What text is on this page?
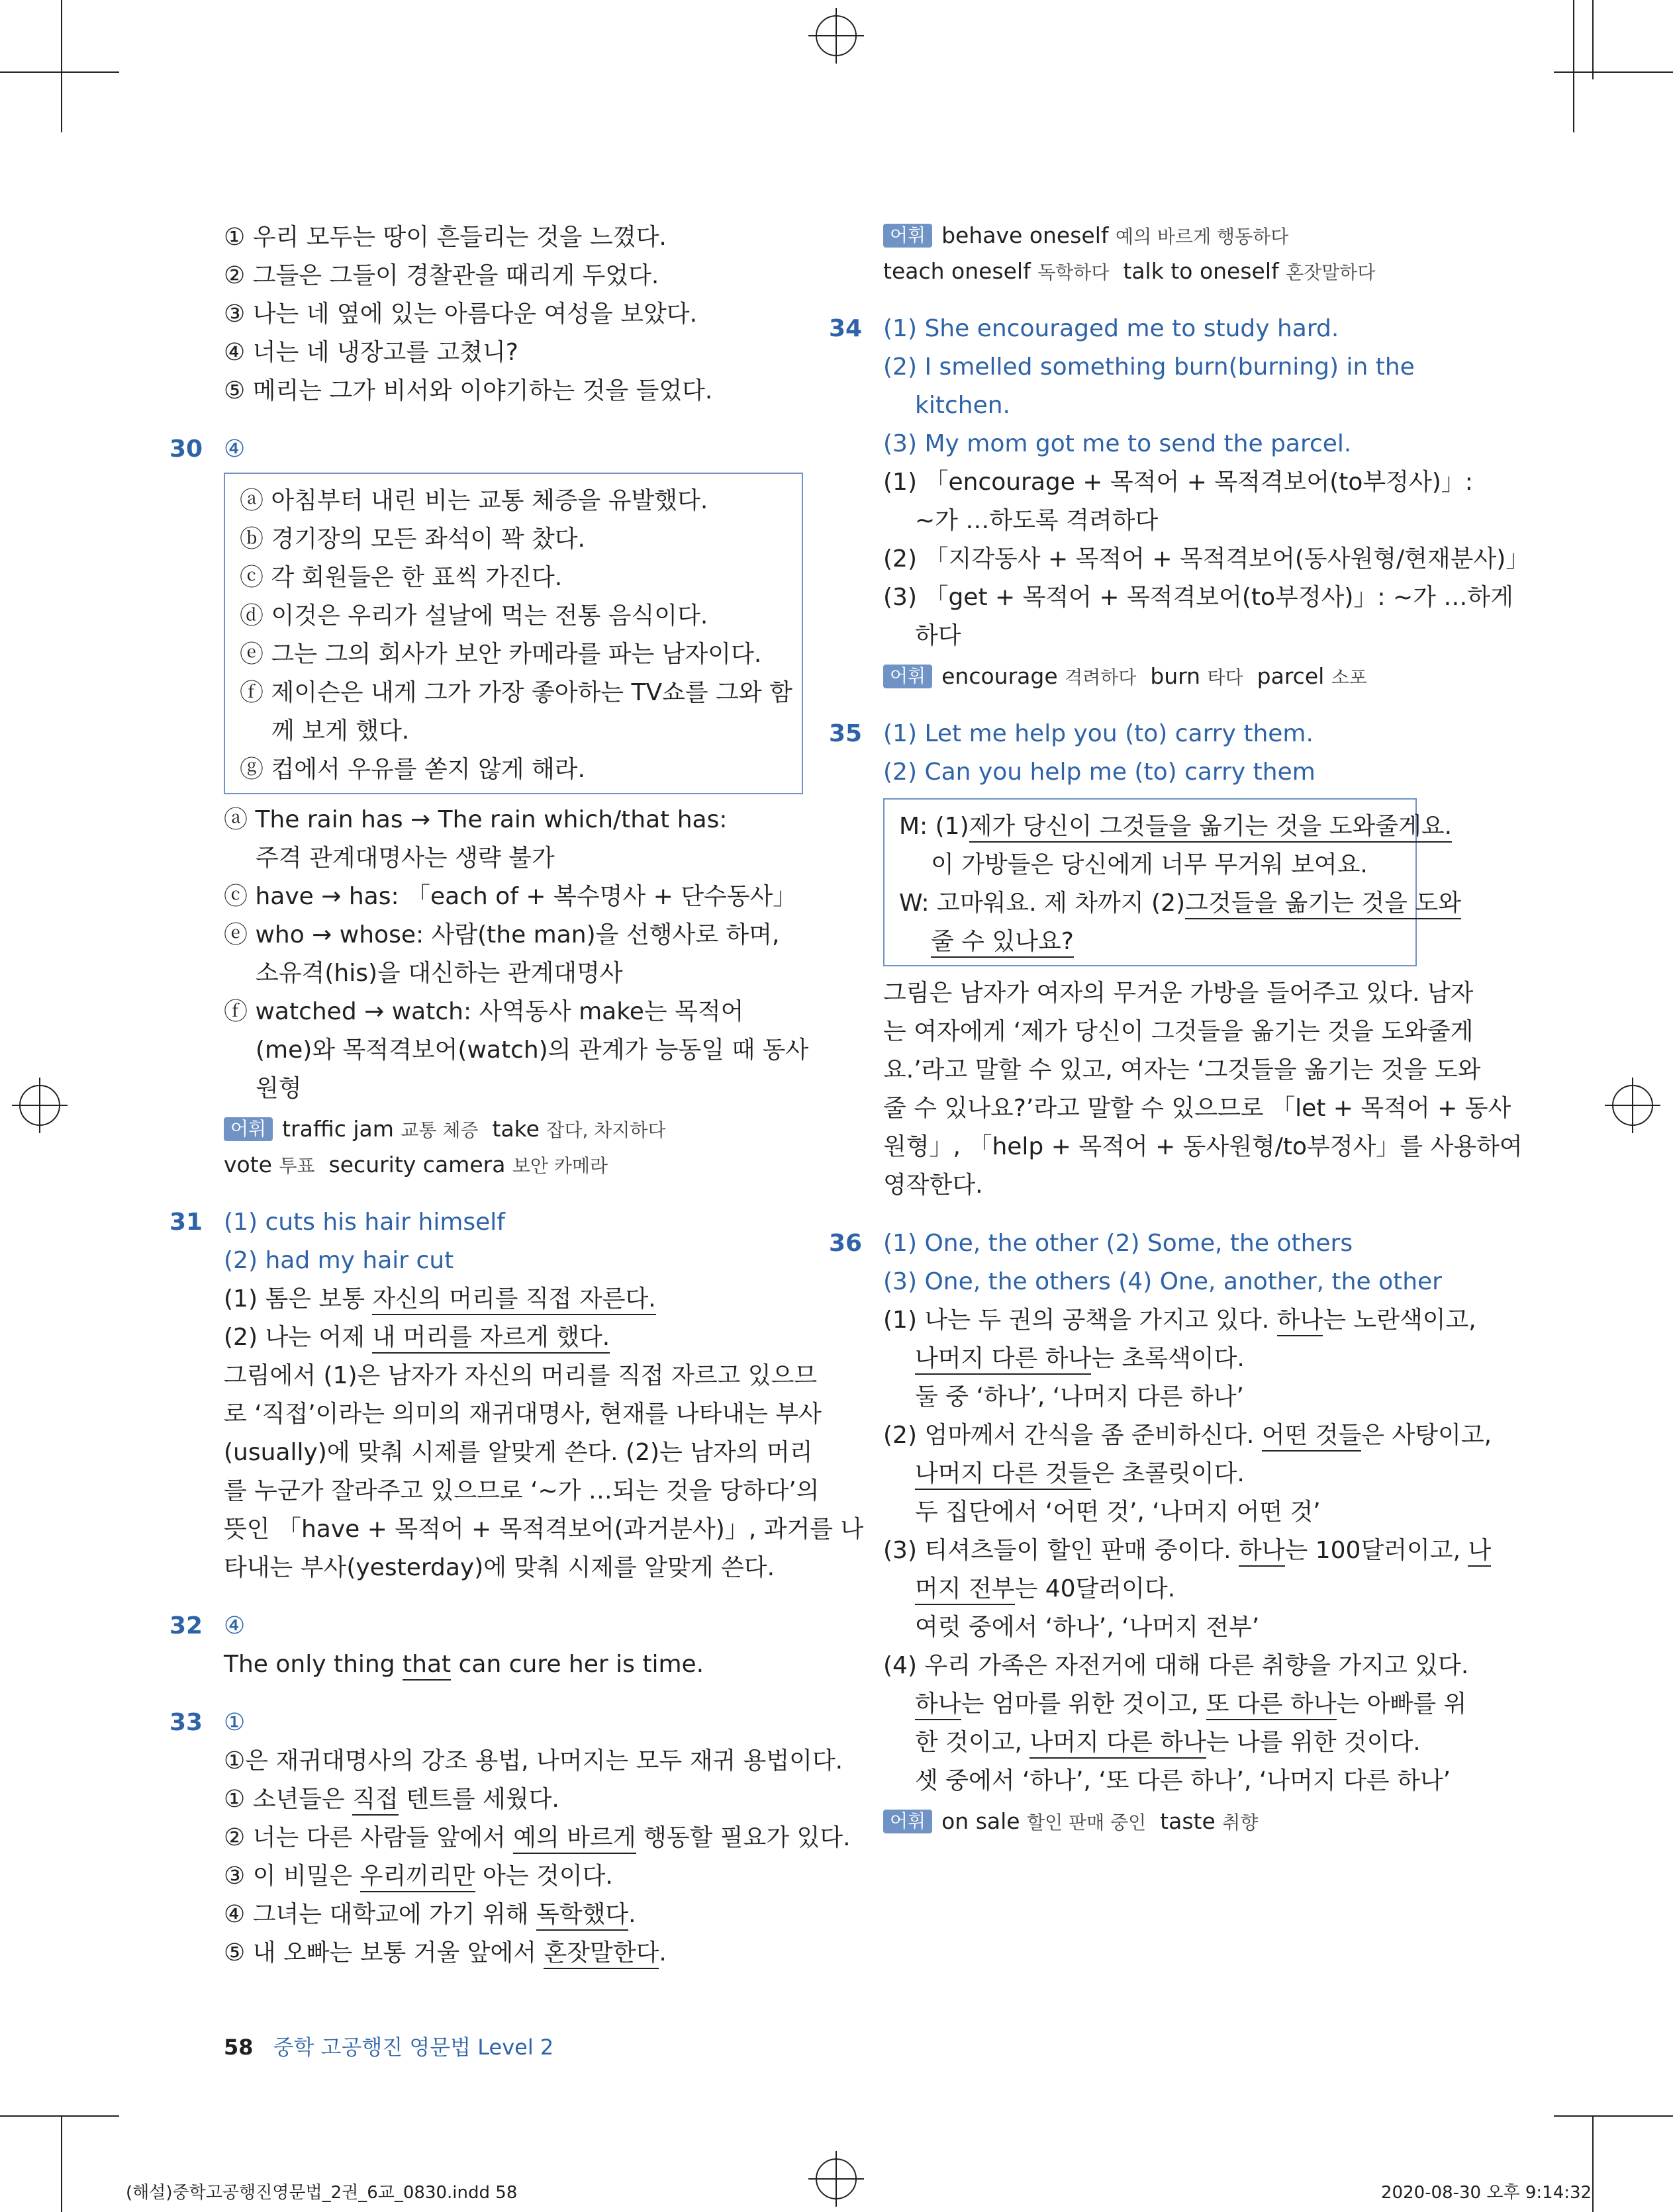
① 우리 모두는 땅이 흔들리는 것을 느꼈다.
② 그들은 그들이 경찰관을 때리게 두었다.
③ 나는 네 옆에 있는 아름다운 여성을 보았다.
④ 너는 네 냉장고를 고쳤니?
⑤ 메리는 그가 비서와 이야기하는 것을 들었다.
30 ④
ⓐ 아침부터 내린 비는 교통 체증을 유발했다.
ⓑ 경기장의 모든 좌석이 꽉 찼다.
ⓒ 각 회원들은 한 표씩 가진다.
ⓓ 이것은 우리가 설날에 먹는 전통 음식이다.
ⓔ 그는 그의 회사가 보안 카메라를 파는 남자이다.
ⓕ 제이슨은 내게 그가 가장 좋아하는 TV쇼를 그와 함
께 보게 했다.
ⓖ 컵에서 우유를 쏟지 않게 해라.
ⓐ The rain has → The rain which/that has:
주격 관계대명사는 생략 불가
ⓒ have → has: 「each of + 복수명사 + 단수동사」
ⓔ who → whose: 사람(the man)을 선행사로 하며,
소유격(his)을 대신하는 관계대명사
ⓕ watched → watch: 사역동사 make는 목적어
(me)와 목적격보어(watch)의 관계가 능동일 때 동사
원형
어휘 traffic jam 교통 체증 take 잡다, 차지하다
vote 투표 security camera 보안 카메라
31 (1) cuts his hair himself
(2) had my hair cut
(1) 톰은 보통 자신의 머리를 직접 자른다.
(2) 나는 어제 내 머리를 자르게 했다.
그림에서 (1)은 남자가 자신의 머리를 직접 자르고 있으므
로 ‘직접’이라는 의미의 재귀대명사, 현재를 나타내는 부사
(usually)에 맞춰 시제를 알맞게 쓴다. (2)는 남자의 머리
를 누군가 잘라주고 있으므로 ‘~가 …되는 것을 당하다’의
뜻인 「have + 목적어 + 목적격보어(과거분사)」, 과거를 나
타내는 부사(yesterday)에 맞춰 시제를 알맞게 쓴다.
32 ④
The only thing that can cure her is time.
33 ①
①은 재귀대명사의 강조 용법, 나머지는 모두 재귀 용법이다.
① 소년들은 직접 텐트를 세웠다.
② 너는 다른 사람들 앞에서 예의 바르게 행동할 필요가 있다.
③ 이 비밀은 우리끼리만 아는 것이다.
④ 그녀는 대학교에 가기 위해 독학했다.
⑤ 내 오빠는 보통 거울 앞에서 혼잣말한다.
어휘 behave oneself 예의 바르게 행동하다
teach oneself 독학하다 talk to oneself 혼잣말하다
34 (1) She encouraged me to study hard.
(2) I smelled something burn(burning) in the
kitchen.
(3) My mom got me to send the parcel.
(1) 「encourage + 목적어 + 목적격보어(to부정사)」:
~가 …하도록 격려하다
(2) 「지각동사 + 목적어 + 목적격보어(동사원형/현재분사)」
(3) 「get + 목적어 + 목적격보어(to부정사)」: ~가 …하게
하다
어휘 encourage 격려하다 burn 타다 parcel 소포
35 (1) Let me help you (to) carry them.
(2) Can you help me (to) carry them
M: (1)제가 당신이 그것들을 옮기는 것을 도와줄게요.
이 가방들은 당신에게 너무 무거워 보여요.
W: 고마워요. 제 차까지 (2)그것들을 옮기는 것을 도와
줄 수 있나요?
그림은 남자가 여자의 무거운 가방을 들어주고 있다. 남자
는 여자에게 ‘제가 당신이 그것들을 옮기는 것을 도와줄게
요.’라고 말할 수 있고, 여자는 ‘그것들을 옮기는 것을 도와
줄 수 있나요?’라고 말할 수 있으므로 「let + 목적어 + 동사
원형」, 「help + 목적어 + 동사원형/to부정사」를 사용하여
영작한다.
36 (1) One, the other (2) Some, the others
(3) One, the others (4) One, another, the other
(1) 나는 두 권의 공책을 가지고 있다. 하나는 노란색이고,
나머지 다른 하나는 초록색이다.
둘 중 ‘하나’, ‘나머지 다른 하나’
(2) 엄마께서 간식을 좀 준비하신다. 어떤 것들은 사탕이고,
나머지 다른 것들은 초콜릿이다.
두 집단에서 ‘어떤 것’, ‘나머지 어떤 것’
(3) 티셔츠들이 할인 판매 중이다. 하나는 100달러이고, 나
머지 전부는 40달러이다.
여럿 중에서 ‘하나’, ‘나머지 전부’
(4) 우리 가족은 자전거에 대해 다른 취향을 가지고 있다.
하나는 엄마를 위한 것이고, 또 다른 하나는 아빠를 위
한 것이고, 나머지 다른 하나는 나를 위한 것이다.
셋 중에서 ‘하나’, ‘또 다른 하나’, ‘나머지 다른 하나’
어휘 on sale 할인 판매 중인 taste 취향
58 중학 고공행진 영문법 Level 2
(해설)중학고공행진영문법_2권_6교_0830.indd 58	2020-08-30 오후 9:14:32
